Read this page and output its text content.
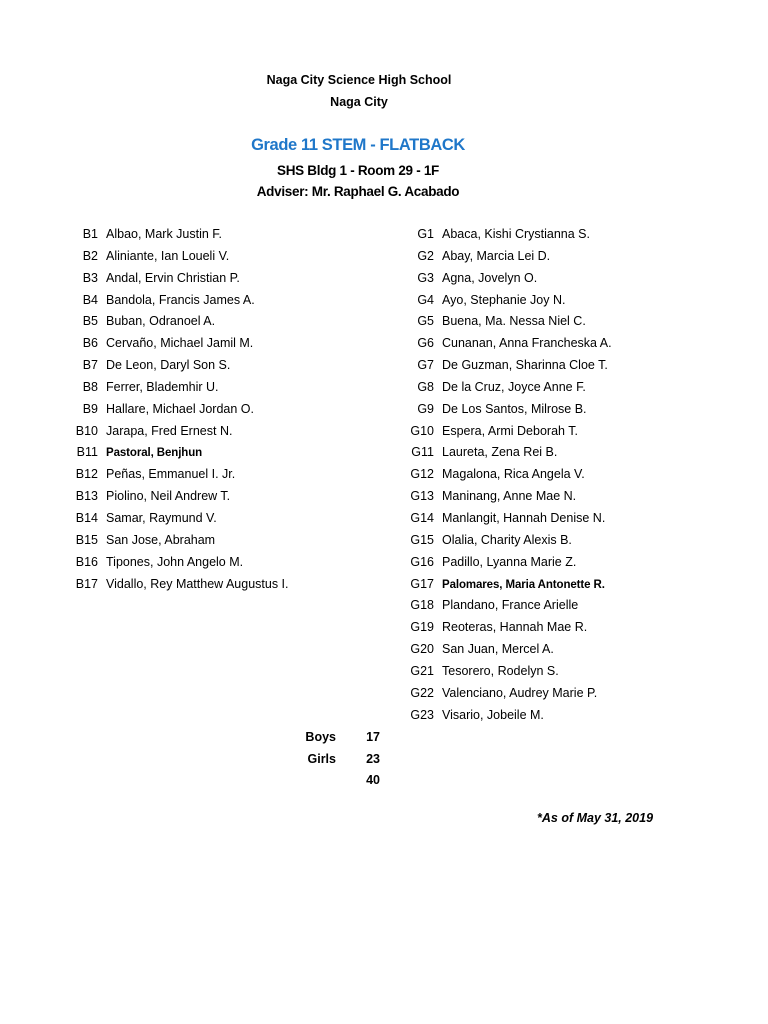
Naga City Science High School
Naga City
Grade 11 STEM - FLATBACK
SHS Bldg 1 - Room 29 - 1F
Adviser: Mr. Raphael G. Acabado
B1 Albao, Mark Justin F.
B2 Aliniante, Ian Loueli V.
B3 Andal, Ervin Christian P.
B4 Bandola, Francis James A.
B5 Buban, Odranoel A.
B6 Cervaño, Michael Jamil M.
B7 De Leon, Daryl Son S.
B8 Ferrer, Blademhir U.
B9 Hallare, Michael Jordan O.
B10 Jarapa, Fred Ernest N.
B11 Pastoral, Benjhun
B12 Peñas, Emmanuel I. Jr.
B13 Piolino, Neil Andrew T.
B14 Samar, Raymund V.
B15 San Jose, Abraham
B16 Tipones, John Angelo M.
B17 Vidallo, Rey Matthew Augustus I.
G1 Abaca, Kishi Crystianna S.
G2 Abay, Marcia Lei D.
G3 Agna, Jovelyn O.
G4 Ayo, Stephanie Joy N.
G5 Buena, Ma. Nessa Niel C.
G6 Cunanan, Anna Francheska A.
G7 De Guzman, Sharinna Cloe T.
G8 De la Cruz, Joyce Anne F.
G9 De Los Santos, Milrose B.
G10 Espera, Armi Deborah T.
G11 Laureta, Zena Rei B.
G12 Magalona, Rica Angela V.
G13 Maninang, Anne Mae N.
G14 Manlangit, Hannah Denise N.
G15 Olalia, Charity Alexis B.
G16 Padillo, Lyanna Marie Z.
G17 Palomares, Maria Antonette R.
G18 Plandano, France Arielle
G19 Reoteras, Hannah Mae R.
G20 San Juan, Mercel A.
G21 Tesorero, Rodelyn S.
G22 Valenciano, Audrey Marie P.
G23 Visario, Jobeile M.
Boys 17
Girls 23
40
*As of May 31, 2019
